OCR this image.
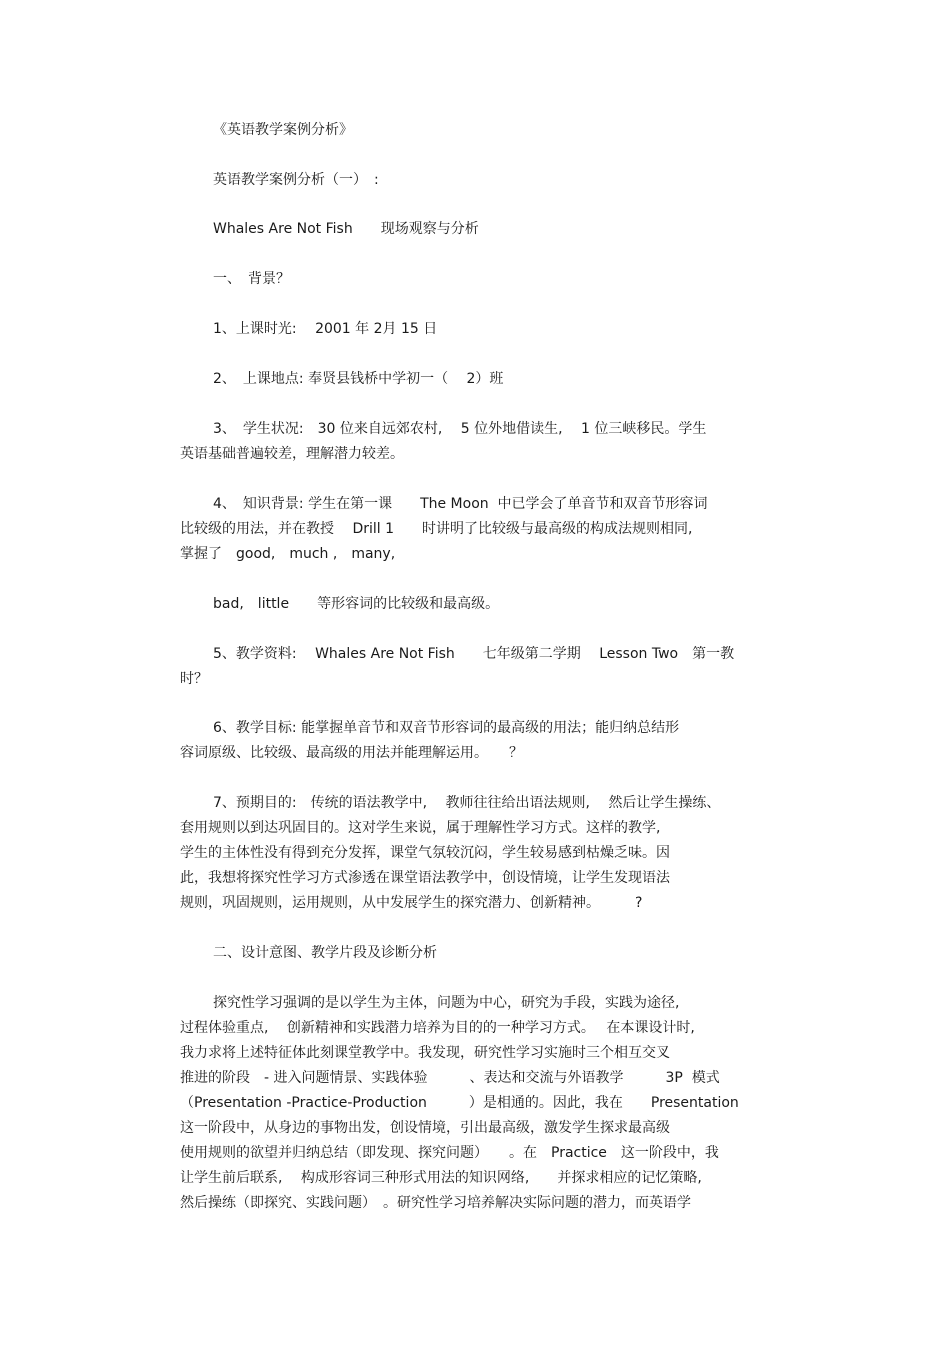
《英语教学案例分析》
英语教学案例分析（一）　:
Whales Are Not Fish　　现场观察与分析
一、　背景？
1、上课时光:　 2001 年 2月 15 日
2、　上课地点: 奉贤县钱桥中学初一（　 2）班
3、　学生状况:　30 位来自远郊农村,　 5 位外地借读生,　 1 位三峡移民。学生
英语基础普遍较差，理解潜力较差。
4、　知识背景: 学生在第一课　　The Moon  中已学会了单音节和双音节形容词
比较级的用法，并在教授　 Drill 1　　时讲明了比较级与最高级的构成法规则相同,
掌握了　good,　much ,　many,
bad,　little　　等形容词的比较级和最高级。
5、教学资料:　 Whales Are Not Fish　　七年级第二学期　 Lesson Two　第一教
时？
6、教学目标: 能掌握单音节和双音节形容词的最高级的用法；能归纳总结形
容词原级、比较级、最高级的用法并能理解运用。　　？
7、预期目的:　传统的语法教学中,　 教师往往给出语法规则,　 然后让学生操练、
套用规则以到达巩固目的。这对学生来说，属于理解性学习方式。这样的教学,
学生的主体性没有得到充分发挥，课堂气氛较沉闷，学生较易感到枯燥乏味。因
此，我想将探究性学习方式渗透在课堂语法教学中，创设情境，让学生发现语法
规则，巩固规则，运用规则，从中发展学生的探究潜力、创新精神。　　　?
二、设计意图、教学片段及诊断分析
探究性学习强调的是以学生为主体，问题为中心，研究为手段，实践为途径,
过程体验重点,　 创新精神和实践潜力培养为目的的一种学习方式。　 在本课设计时,
我力求将上述特征体此刻课堂教学中。我发现，研究性学习实施时三个相互交叉
推进的阶段　- 进入问题情景、实践体验　　　、表达和交流与外语教学　　　3P  模式
（Presentation -Practice-Production　　　）是相通的。因此，我在　　Presentation
这一阶段中，从身边的事物出发，创设情境，引出最高级，激发学生探求最高级
使用规则的欲望并归纳总结（即发现、探究问题）　　。在　Practice　这一阶段中，我
让学生前后联系,　 构成形容词三种形式用法的知识网络,　　并探求相应的记忆策略,
然后操练（即探究、实践问题）　。研究性学习培养解决实际问题的潜力，而英语学
